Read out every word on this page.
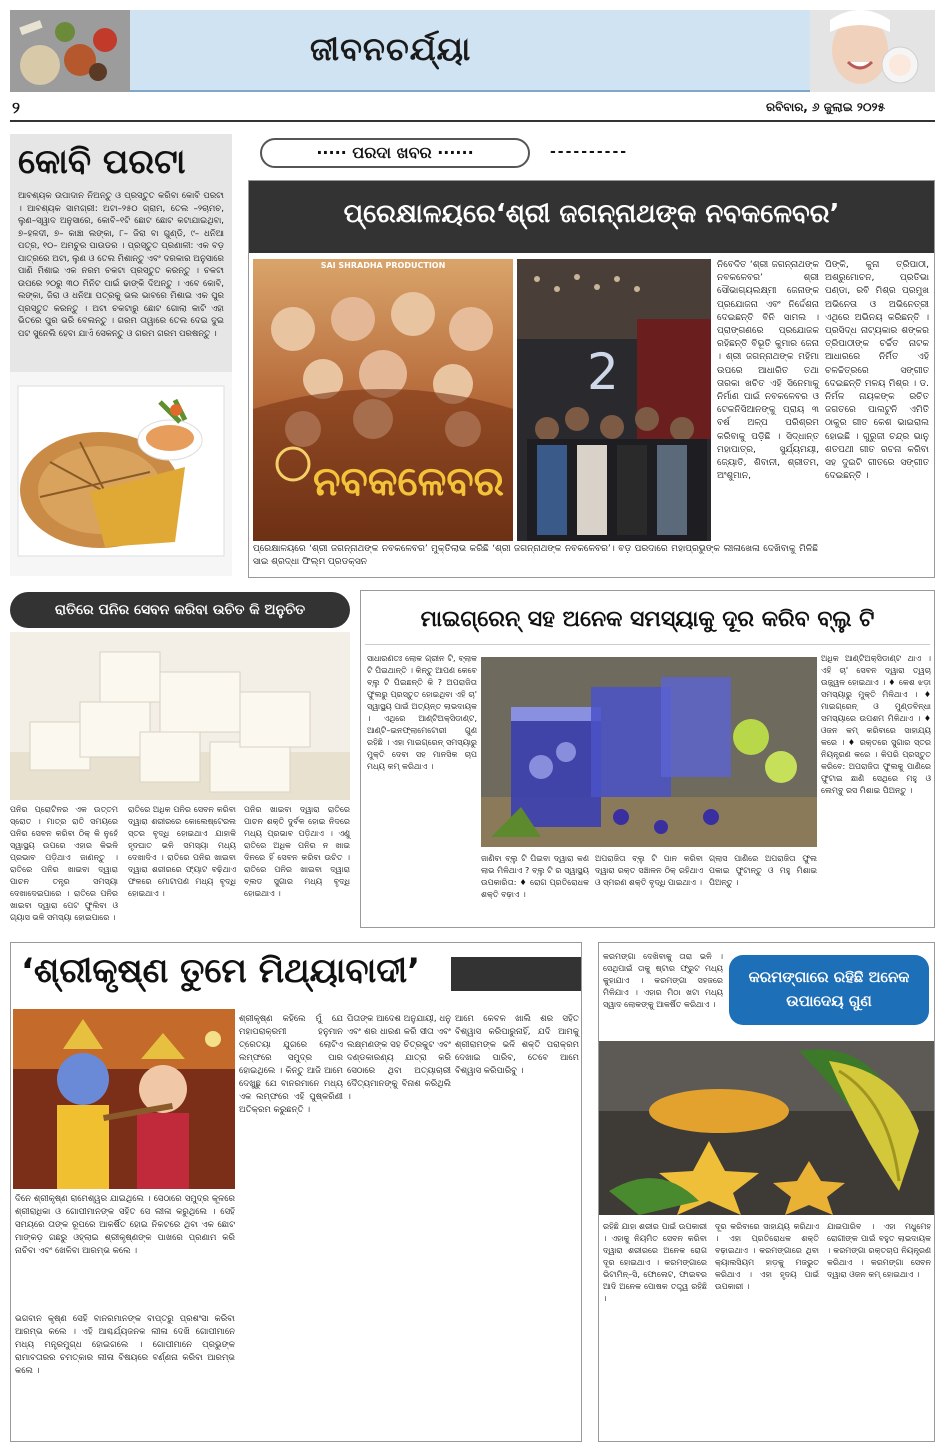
ଜୀବନଚର୍ଯ୍ୟା
୨	ରବିବାର, ୬ ଜୁଲାଇ ୨୦୨୫
କୋବି ପରଟା
ଆବଶ୍ୟକ ଉପାଦାନ ନିଅନ୍ତୁ ଓ ପ୍ରସ୍ତୁତ କରିବା କୋବି ପରଟା । ଆବଶ୍ୟକ ସାମଗ୍ରୀ: ଅଟା–୨୫୦ ଗ୍ରାମ, ତେଲ –୨ଚାମଚ, ଲୁଣ–ସ୍ୱାଦ ଅନୁସାରେ, କୋବି–୧ଟି ଛୋଟ ଛୋଟ କଟାଯାଇଥିବା, ୭–ହଳଦୀ, ୭– କାଞ୍ଚା ଲଙ୍କା, ୮– ଜିରା ବା ଗୁଣ୍ଡି, ୯– ଧନିଆ ପତ୍ର, ୧୦– ଅମଚୁର ପାଉଡର । ପ୍ରସ୍ତୁତ ପ୍ରଣାଳୀ: ଏକ ବଡ଼ ପାତ୍ରରେ ଅଟା, ଲୁଣ ଓ ତେଲ ମିଶାନ୍ତୁ ଏବଂ ଦରକାର ଅନୁସାରେ ପାଣି ମିଶାଇ ଏକ ନରମ ଚକଟା ପ୍ରସ୍ତୁତ କରନ୍ତୁ । ଚକଟା ଉପରେ ୨୦ରୁ ୩୦ ମିନିଟ ପାଇଁ ଢାଙ୍କି ଦିଅନ୍ତୁ । ଏବେ କୋବି, ଲଙ୍କା, ଜିରା ଓ ଧନିଆ ପତ୍ରକୁ ଭଲ ଭାବରେ ମିଶାଇ ଏକ ପୁର ପ୍ରସ୍ତୁତ କରନ୍ତୁ । ଅଟା ଚକଟାରୁ ଛୋଟ ଗୋଲା କାଟି ଏହା ଭିତରେ ପୁର ଭରି ବେଲନ୍ତୁ । ଗରମ ତାୱାରେ ତେଲ ଦେଇ ଦୁଇ ପଟ ସୁନେଲି ହେବା ଯାଏଁ ସେକନ୍ତୁ ଓ ଗରମ ଗରମ ପରଷନ୍ତୁ ।
····· ପରଦା ଖବର ······	----------
ପ୍ରେକ୍ଷାଳୟରେ‘ଶ୍ରୀ ଜଗନ୍ନାଥଙ୍କ ନବକଳେବର’
SAI SHRADHA PRODUCTION
ନବକଳେବର
2
ନିବେଦିତ ‘ଶ୍ରୀ ଜଗନ୍ନାଥଙ୍କ ନବକଳେବର’ ଶ୍ରୀ ସୌଭାଗ୍ୟଲକ୍ଷ୍ମୀ ଜେନାଙ୍କ ପ୍ରଯୋଜନା ଏବଂ ନିର୍ଦ୍ଦେଶନା ଦେଇଛନ୍ତି ବିନି ସାମଲ । ପ୍ରାଙ୍ଗଣରେ ପ୍ରଯୋଜକ ରହିଛନ୍ତି ବିଭୂତି କୁମାର ଜେନା । ଶ୍ରୀ ଜଗନ୍ନାଥଙ୍କ ମହିମା ଉପରେ ଆଧାରିତ ତଥା ତାରକା ଖଚିତ ଏହି ସିନେମାକୁ ନିର୍ମାଣ ପାଇଁ ନବକଳେବର ଓ ଟେକନିସିଆନଙ୍କୁ ପ୍ରାୟ ୩ ବର୍ଷ ଅଳ୍ପ ପରିଶ୍ରମ କରିବାକୁ ପଡ଼ିଛି । ସିଦ୍ଧାନ୍ତ ମହାପାତ୍ର, ସୁର୍ଯ୍ୟମୟୀ, ଜ୍ୟୋତି, ଶିବାନୀ, ଶ୍ରୀତମ, ଅଂଶୁମାନ,
ପିଙ୍କି, କୁନା ତ୍ରିପାଠୀ, ଅଶ୍ରୁମୋଚନ, ପ୍ରତିଭା ପଣ୍ଡା, ରବି ମିଶ୍ର ପ୍ରମୁଖ ଅଭିନେତା ଓ ଅଭିନେତ୍ରୀ ଏଥିରେ ଅଭିନୟ କରିଛନ୍ତି । ପ୍ରସିଦ୍ଧ ନାଟ୍ୟକାର ଶଙ୍କର ତ୍ରିପାଠୀଙ୍କ ଚର୍ଚ୍ଚିତ ନାଟକ ଆଧାରରେ ନିର୍ମିତ ଏହି ଚଳଚ୍ଚିତ୍ରରେ ସଙ୍ଗୀତ ଦେଇଛନ୍ତି ମଳୟ ମିଶ୍ର । ଡ. ନିର୍ମଳ ନାୟକଙ୍କ ରଚିତ ଜଗତରେ ପାଲଟୁନି ଏମିତି ଠାକୁର ଗୀତ କେଶ ଭାଇରାଲ ହୋଇଛି । ଗୁରୁଜୀ ଚନ୍ଦ୍ର ଭାନୁ ଶତପଥୀ ଗୀତ ରଚନା କରିବା ସହ ଦୁଇଟି ଗୀତରେ ସଙ୍ଗୀତ ଦେଇଛନ୍ତି ।
ପ୍ରେକ୍ଷାଳୟରେ ‘ଶ୍ରୀ ଜଗନ୍ନାଥଙ୍କ ନବକଳେବର’ ମୁକ୍ତିଲାଭ କରିଛି ‘ଶ୍ରୀ ଜଗନ୍ନାଥଙ୍କ ନବକଳେବର’। ବଡ଼ ପରଦାରେ ମହାପ୍ରଭୁଙ୍କ ଲୀଳାଖେଳା ଦେଖିବାକୁ ମିଳିଛି ସାଇ ଶ୍ରଦ୍ଧା ଫିଲ୍ମ ପ୍ରଡକ୍ସନ
ରାତିରେ ପନିର ସେବନ କରିବା ଉଚିତ କି ଅନୁଚିତ
ପନିର ପ୍ରୋଟିନର ଏକ ଉତ୍ତମ ସ୍ରୋତ । ମାତ୍ର ରାତି ସମୟରେ ପନିର ସେବନ କରିବା ଠିକ୍ କି ନୁହେଁ ସ୍ୱାସ୍ଥ୍ୟ ଉପରେ ଏହାର କିଭଳି ପ୍ରଭାବ ପଡ଼ିଥାଏ ଜାଣନ୍ତୁ । ରାତିରେ ପନିର ଖାଇବା ଦ୍ୱାରା ପାଚନ ତନ୍ତ୍ର ସମସ୍ୟା ଦେଖାଦେଇପାରେ । ରାତିରେ ପନିର ଖାଇବା ଦ୍ୱାରା ପେଟ ଫୁଲିବା ଓ ଗ୍ୟାସ ଭଳି ସମସ୍ୟା ହୋଇପାରେ ।
ରାତିରେ ଅଧିକ ପନିର ସେବନ କରିବା ଦ୍ୱାରା ଶରୀରରେ କୋଲେଷ୍ଟେରଲ ସ୍ତର ବୃଦ୍ଧି ହୋଇଥାଏ ଯାହାକି ହୃଦଘାତ ଭଳି ସମସ୍ୟା ମଧ୍ୟ ଦେଖାଦିଏ । ରାତିରେ ପନିର ଖାଇବା ଦ୍ୱାରା ଶରୀରରେ ଫ୍ୟାଟ ବଢ଼ିଥାଏ ଫଳରେ ମୋଟାପଣ ମଧ୍ୟ ବୃଦ୍ଧି ହୋଇଥାଏ ।
ପନିର ଖାଇବା ଦ୍ୱାରା ରାତିରେ ପାଚନ ଶକ୍ତି ଦୁର୍ବଳ ହୋଇ ନିଦରେ ମଧ୍ୟ ପ୍ରଭାବ ପଡ଼ିଥାଏ । ଏଣୁ ରାତିରେ ଅଧିକ ପନିର ନ ଖାଇ ଦିନରେ ହିଁ ସେବନ କରିବା ଉଚିତ । ରାତିରେ ପନିର ଖାଇବା ଦ୍ୱାରା ବ୍ଲଡ ସୁଗାର ମଧ୍ୟ ବୃଦ୍ଧି ହୋଇଥାଏ ।
ମାଇଗ୍ରେନ୍ ସହ ଅନେକ ସମସ୍ୟାକୁ ଦୂର କରିବ ବ୍ଲୁ ଟି
ସାଧାରଣତଃ ଲୋକ ଗ୍ରୀନ ଟି, ବ୍ଲାକ ଟି ପିଇଥାନ୍ତି । କିନ୍ତୁ ଆପଣ କେବେ ବ୍ଲୁ ଟି ପିଇଛନ୍ତି କି ? ଅପରାଜିତା ଫୁଲରୁ ପ୍ରସ୍ତୁତ ହୋଇଥିବା ଏହି ଚା' ସ୍ୱାସ୍ଥ୍ୟ ପାଇଁ ଅତ୍ୟନ୍ତ ଲାଭଦାୟକ । ଏଥିରେ ଆଣ୍ଟିଅକ୍ସିଡାଣ୍ଟ, ଆଣ୍ଟି–ଇନଫ୍ଲାମେଟୋରୀ ଗୁଣ ରହିଛି । ଏହା ମାଇଗ୍ରେନ୍ ସମସ୍ୟାରୁ ମୁକ୍ତି ଦେବା ସହ ମାନସିକ ଚାପ ମଧ୍ୟ କମ୍ କରିଥାଏ ।
ଅଧିକ ଆଣ୍ଟିଅକ୍ସିଡାଣ୍ଟ ଥାଏ । ଏହି ଚା' ସେବନ ଦ୍ୱାରା ତ୍ୱଚା ଉଜ୍ଜ୍ୱଳ ହୋଇଥାଏ । ♦ କେଶ ଝଡ଼ା ସମସ୍ୟାରୁ ମୁକ୍ତି ମିଳିଥାଏ । ♦ ମାଇଗ୍ରେନ୍ ଓ ମୁଣ୍ଡବିନ୍ଧା ସମସ୍ୟାରେ ଉପଶମ ମିଳିଥାଏ । ♦ ଓଜନ କମ୍ କରିବାରେ ସାହାଯ୍ୟ କରେ । ♦ ରକ୍ତରେ ସୁଗାର ସ୍ତର ନିୟନ୍ତ୍ରଣ କରେ । କିପରି ପ୍ରସ୍ତୁତ କରିବେ: ଅପରାଜିତା ଫୁଲକୁ ପାଣିରେ ଫୁଟାଇ ଛାଣି ସେଥିରେ ମହୁ ଓ ଲେମ୍ବୁ ରସ ମିଶାଇ ପିଅନ୍ତୁ ।
ଜାଣିବା ବ୍ଲୁ ଟି ପିଇବା ଦ୍ୱାରା କଣ ଲାଭ ମିଳିଥାଏ ? ବ୍ଲୁ ଟି ର ସ୍ୱାସ୍ଥ୍ୟ ଉପକାରିତା: ♦ ରୋଗ ପ୍ରତିରୋଧକ ଶକ୍ତି ବଢ଼ାଏ ।
ଅପରାଜିତା ବ୍ଲୁ ଟି ପାନ କରିବା ଦ୍ୱାରା ରକ୍ତ ସଞ୍ଚାଳନ ଠିକ୍ ରହିଥାଏ ଓ ସ୍ମରଣ ଶକ୍ତି ବୃଦ୍ଧି ପାଇଥାଏ ।
ଗ୍ଲାସ ପାଣିରେ ଅପରାଜିତା ଫୁଲ ପକାଇ ଫୁଟାନ୍ତୁ ଓ ମହୁ ମିଶାଇ ପିଅନ୍ତୁ ।
‘ଶ୍ରୀକୃଷ୍ଣ ତୁମେ ମିଥ୍ୟାବାଦୀ’
ଦିନେ ଶ୍ରୀକୃଷ୍ଣ ରାମେଶ୍ୱର ଯାଇଥିଲେ । ସେଠାରେ ସମୁଦ୍ର କୂଳରେ ଶ୍ରୀରାଧିକା ଓ ଗୋପୀମାନଙ୍କ ସହିତ ସେ ଲୀଳା କରୁଥିଲେ । ସେହି ସମୟରେ ତାଙ୍କ ରୂପରେ ଆକର୍ଷିତ ହୋଇ ନିକଟରେ ଥିବା ଏକ ଛୋଟ ମାଙ୍କଡ଼ ଗଛରୁ ଓହ୍ଲାଇ ଶ୍ରୀକୃଷ୍ଣଙ୍କ ପାଖରେ ପ୍ରଣାମ କରି ନାଚିବା ଏବଂ ଖେଳିବା ଆରମ୍ଭ କଲେ ।
ଶ୍ରୀକୃଷ୍ଣ କହିଲେ ମୁଁ ଯେ ମହାପରାକ୍ରମୀ ହନୁମାନ ତ୍ରେତୟା ଯୁଗରେ ଲୋଟିଏ ଲମ୍ଫରେ ସମୁଦ୍ର ପାର ହୋଇଥିଲେ । କିନ୍ତୁ ଆଜି ଆମେ ଦେଖୁଛୁ ଯେ ବାନରମାନେ ମଧ୍ୟ ଏକ ଲମ୍ଫରେ ଏହି ପୁଷ୍କରିଣୀ ଅତିକ୍ରମ କରୁଛନ୍ତି ।
ପିତାଙ୍କ ଆଦେଶ ଅନୁଯାୟୀ, ଧନୁ ଏବଂ ଶର ଧାରଣ କରି ସୀତା ଏବଂ ଲକ୍ଷ୍ମଣଙ୍କ ସହ ଚିତ୍ରକୁଟ ଏବଂ ଦଣ୍ଡକାରଣ୍ୟ ଯାତ୍ରା କରି ସେଠାରେ ଥିବା ଅତ୍ୟାଚାରୀ ଦୈତ୍ୟମାନଙ୍କୁ ବିନାଶ କରିଥିଲି ।
ଆମେ କେବଳ ଖାଲି ଶର ସହିତ ବିଶ୍ୱାସ କରିପାରୁନାହିଁ, ଯଦି ଆମକୁ ଶ୍ରୀରାମଙ୍କ ଭଳି ଶକ୍ତି ପରାକ୍ରମ ଦେଖାଇ ପାରିବ, ତେବେ ଆମେ ବିଶ୍ୱାସ କରିପାରିବୁ ।
ଭଗବାନ କୃଷ୍ଣ ସେହି ବାନରମାନଙ୍କ ବାପ୍ତରୁ ପ୍ରଶଂସା କରିବା ଆରମ୍ଭ କଲେ । ଏହି ଆଶ୍ଚର୍ଯ୍ୟଜନକ ଲୀଳା ଦେଖି ଗୋପୀମାନେ ମଧ୍ୟ ମନ୍ତ୍ରମୁଗ୍ଧ ହୋଇଗଲେ । ଗୋପୀମାନେ ପ୍ରଭୁଙ୍କ ରାମାବତାରର ଚମତ୍କାର ଲୀଳା ବିଷୟରେ ବର୍ଣ୍ଣନା କରିବା ଆରମ୍ଭ କଲେ ।
କରମଙ୍ଗା ଦେଖିବାକୁ ତାରା ଭଳି । ସେଥିପାଇଁ ତାକୁ ଷ୍ଟାର ଫ୍ରୁଟ ମଧ୍ୟ କୁହାଯାଏ । କରମଙ୍ଗା ସହଜରେ ମିଳିଯାଏ । ଏହାର ମିଠା ଖଟା ମଧ୍ୟ ସ୍ୱାଦ ଲୋକଙ୍କୁ ଆକର୍ଷିତ କରିଥାଏ ।
କରମଙ୍ଗାରେ ରହିଛି ଅନେକ ଉପାଦେୟ ଗୁଣ
ରହିଛି ଯାହା ଶରୀର ପାଇଁ ଉପକାରୀ । ଏହାକୁ ନିୟମିତ ସେବନ କରିବା ଦ୍ୱାରା ଶରୀରରେ ଅନେକ ରୋଗ ଦୂର ହୋଇଥାଏ । କରମଙ୍ଗାରେ ଭିଟାମିନ୍–ସି, ଫୋଲେଟ, ଫାଇବର ଆଦି ଅନେକ ପୋଷକ ତତ୍ତ୍ୱ ରହିଛି ।
ଦୂର କରିବାରେ ସାହାଯ୍ୟ କରିଥାଏ । ଏହା ପ୍ରତିରୋଧକ ଶକ୍ତି ବଢ଼ାଇଥାଏ । କରମଙ୍ଗାରେ ଥିବା କ୍ୟାଲସିୟମ ହାଡ଼କୁ ମଜଭୁତ କରିଥାଏ । ଏହା ହୃଦୟ ପାଇଁ ଉପକାରୀ ।
ଯାଇପାରିବ । ଏହା ମଧୁମେହ ରୋଗୀଙ୍କ ପାଇଁ ବହୁତ ଲାଭଦାୟକ । କରମଙ୍ଗା ରକ୍ତଚାପ ନିୟନ୍ତ୍ରଣ କରିଥାଏ । କରମଙ୍ଗା ସେବନ ଦ୍ୱାରା ଓଜନ କମ୍ ହୋଇଥାଏ ।
